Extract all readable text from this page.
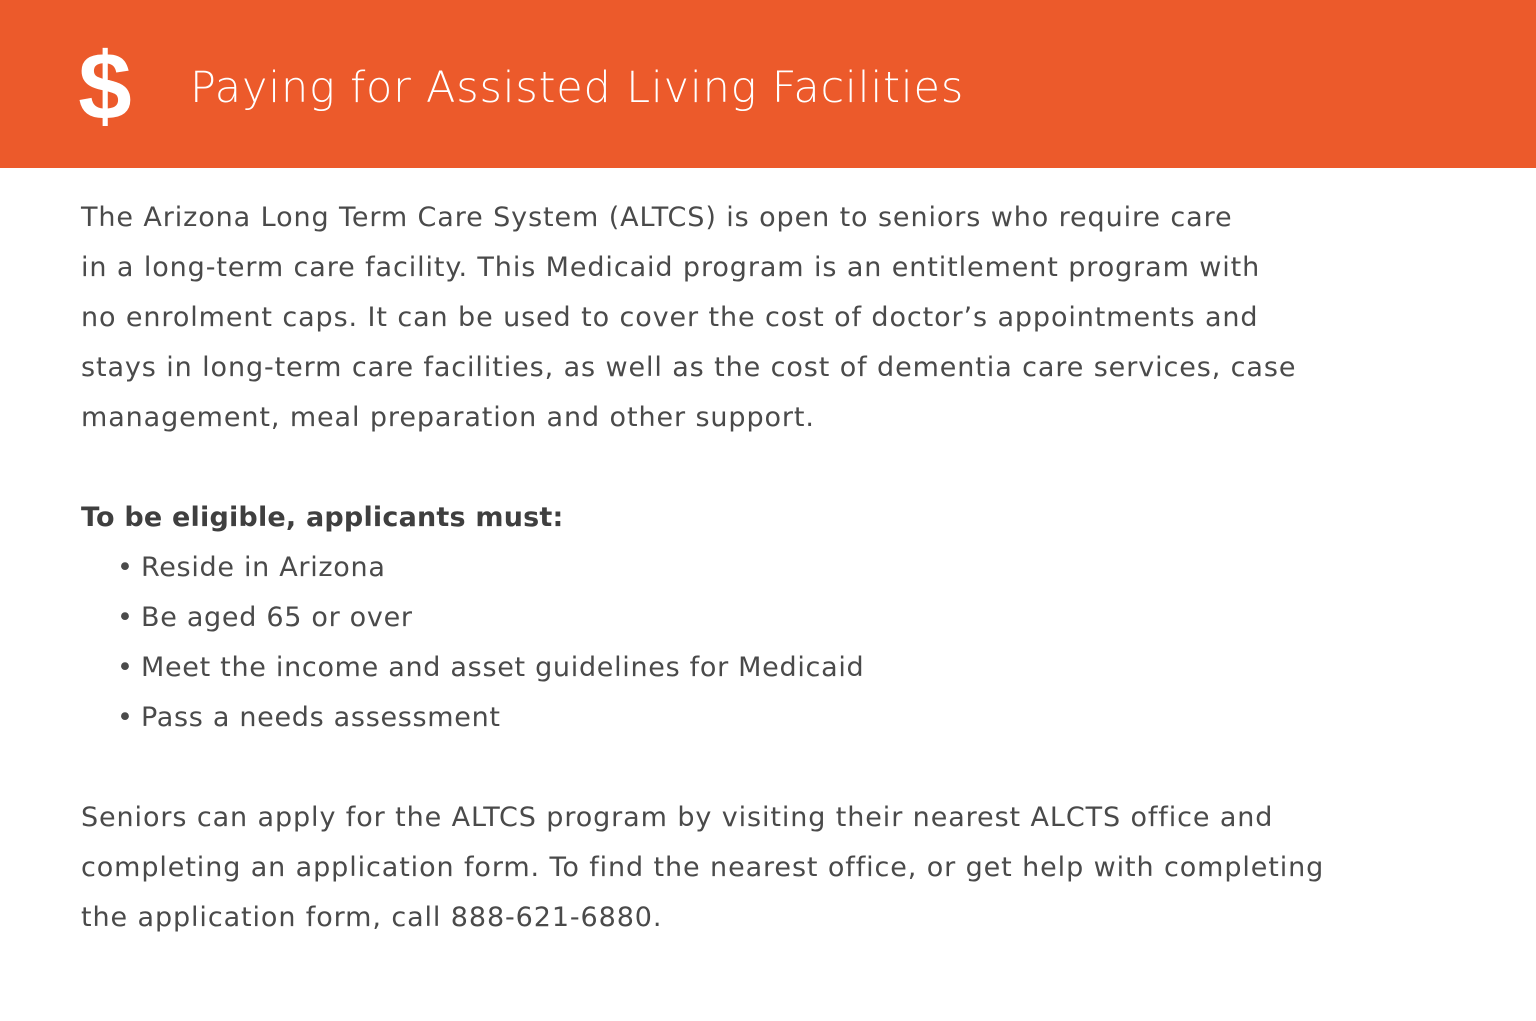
$ Paying for Assisted Living Facilities

The Arizona Long Term Care System (ALTCS) is open to seniors who require care
in a long-term care facility. This Medicaid program is an entitlement program with
no enrolment caps. It can be used to cover the cost of doctor’s appointments and
stays in long-term care facilities, as well as the cost of dementia care services, case
management, meal preparation and other support.

To be eligible, applicants must:

• Reside in Arizona
• Be aged 65 or over
• Meet the income and asset guidelines for Medicaid
• Pass a needs assessment

Seniors can apply for the ALTCS program by visiting their nearest ALCTS office and
completing an application form. To find the nearest office, or get help with completing
the application form, call 888-621-6880.
